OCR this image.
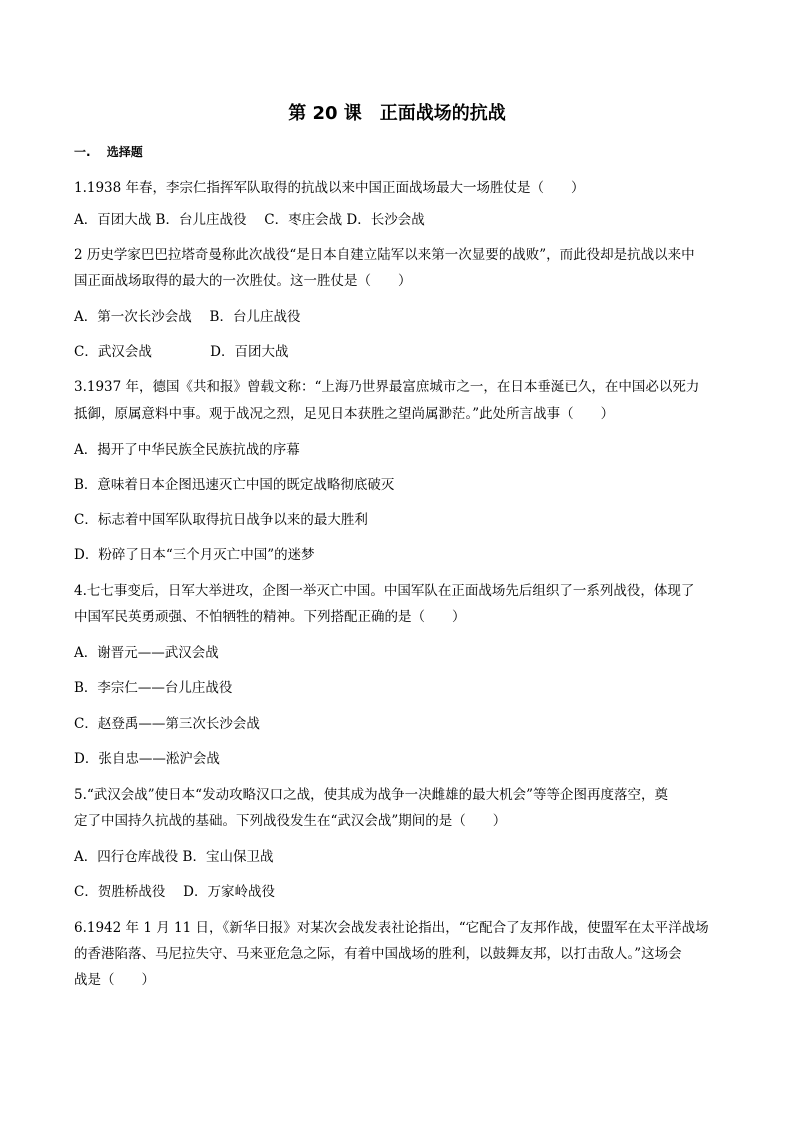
第 20 课　正面战场的抗战
一.　 选择题
1.1938 年春，李宗仁指挥军队取得的抗战以来中国正面战场最大一场胜仗是（　　）
A．百团大战 B．台儿庄战役　 C．枣庄会战 D．长沙会战
2 历史学家巴巴拉塔奇曼称此次战役“是日本自建立陆军以来第一次显要的战败”，而此役却是抗战以来中
国正面战场取得的最大的一次胜仗。这一胜仗是（　　）
A．第一次长沙会战　 B．台儿庄战役
C．武汉会战　　　　 D．百团大战
3.1937 年，德国《共和报》曾载文称：“上海乃世界最富庶城市之一，在日本垂涎已久，在中国必以死力
抵御，原属意料中事。观于战况之烈，足见日本获胜之望尚属渺茫。”此处所言战事（　　）
A．揭开了中华民族全民族抗战的序幕
B．意味着日本企图迅速灭亡中国的既定战略彻底破灭
C．标志着中国军队取得抗日战争以来的最大胜利
D．粉碎了日本“三个月灭亡中国”的迷梦
4.七七事变后，日军大举进攻，企图一举灭亡中国。中国军队在正面战场先后组织了一系列战役，体现了
中国军民英勇顽强、不怕牺牲的精神。下列搭配正确的是（　　）
A．谢晋元——武汉会战
B．李宗仁——台儿庄战役
C．赵登禹——第三次长沙会战
D．张自忠——淞沪会战
5.“武汉会战”使日本“发动攻略汉口之战，使其成为战争一决雌雄的最大机会”等等企图再度落空，奠
定了中国持久抗战的基础。下列战役发生在“武汉会战”期间的是（　　）
A．四行仓库战役 B．宝山保卫战
C．贺胜桥战役　 D．万家岭战役
6.1942 年 1 月 11 日，《新华日报》对某次会战发表社论指出，“它配合了友邦作战，使盟军在太平洋战场
的香港陷落、马尼拉失守、马来亚危急之际，有着中国战场的胜利，以鼓舞友邦，以打击敌人。”这场会
战是（　　）
